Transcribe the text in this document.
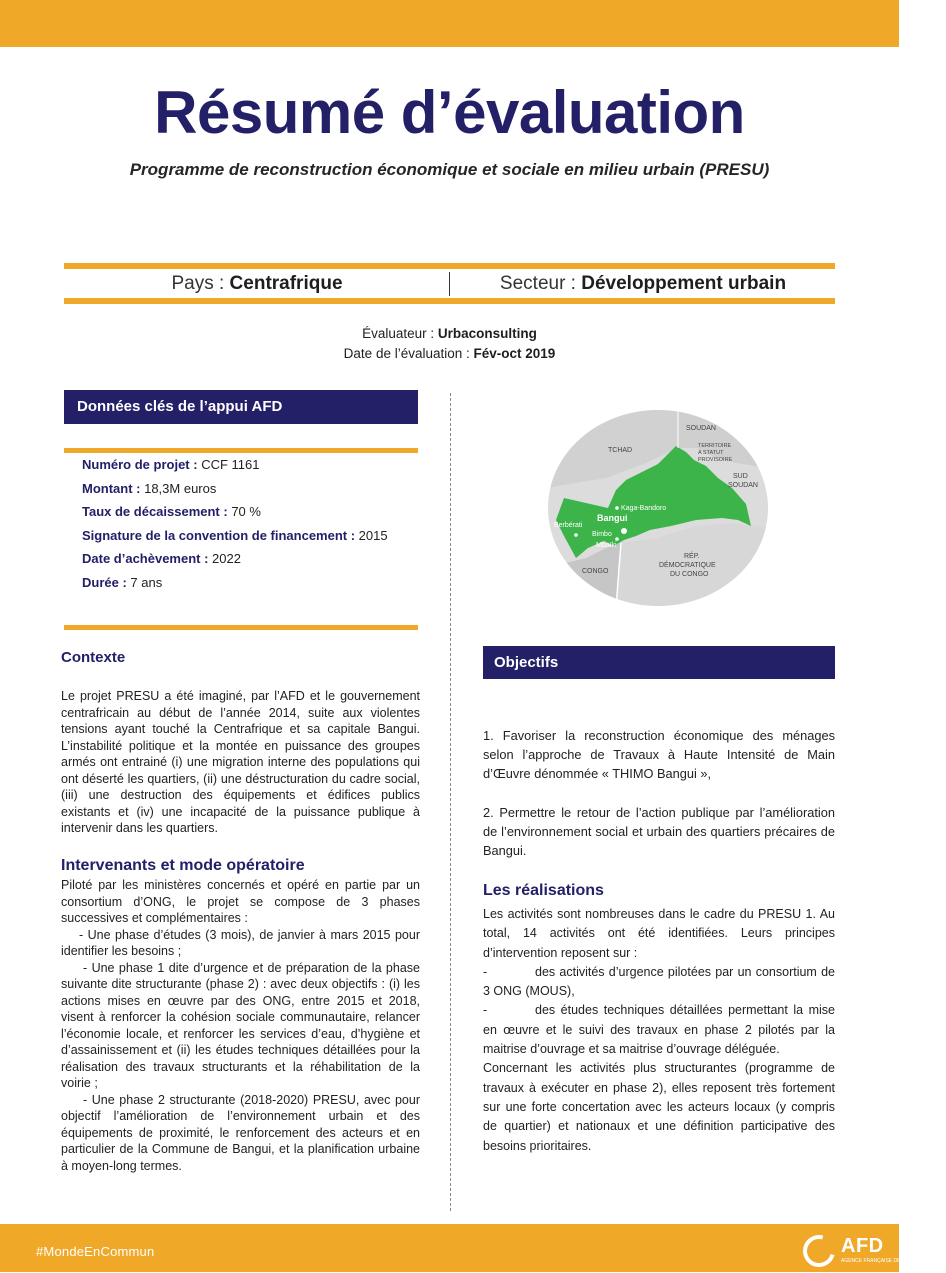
Résumé d’évaluation
Programme de reconstruction économique et sociale en milieu urbain (PRESU)
Pays : Centrafrique	Secteur : Développement urbain
Évaluateur : Urbaconsulting
Date de l’évaluation : Fév-oct 2019
Données clés de l’appui AFD
Numéro de projet : CCF 1161
Montant : 18,3M euros
Taux de décaissement : 70 %
Signature de la convention de financement : 2015
Date d’achèvement : 2022
Durée : 7 ans
SOUDAN
TCHAD
TERRITOIRE
A STATUT
PROVISOIRE
SUD
SOUDAN
Kaga-Bandoro
Bangui
Berbérati
Bimbo
Mbaïki
RÉP.
DÉMOCRATIQUE
DU CONGO
CONGO
Contexte
Le projet PRESU a été imaginé, par l’AFD et le gouvernement centrafricain au début de l’année 2014, suite aux violentes tensions ayant touché la Centrafrique et sa capitale Bangui. L’instabilité politique et la montée en puissance des groupes armés ont entrainé (i) une migration interne des populations qui ont déserté les quartiers, (ii) une déstructuration du cadre social, (iii) une destruction des équipements et édifices publics existants et (iv) une incapacité de la puissance publique à intervenir dans les quartiers.
Intervenants et mode opératoire

Piloté par les ministères concernés et opéré en partie par un consortium d’ONG, le projet se compose de 3 phases successives et complémentaires :

- Une phase d’études (3 mois), de janvier à mars 2015 pour identifier les besoins ;

- Une phase 1 dite d’urgence et de préparation de la phase suivante dite structurante (phase 2) : avec deux objectifs : (i) les actions mises en œuvre par des ONG, entre 2015 et 2018, visent à renforcer la cohésion sociale communautaire, relancer l’économie locale, et renforcer les services d’eau, d’hygiène et d’assainissement et (ii) les études techniques détaillées pour la réalisation des travaux structurants et la réhabilitation de la voirie ;

- Une phase 2 structurante (2018-2020) PRESU, avec pour objectif l’amélioration de l’environnement urbain et des équipements de proximité, le renforcement des acteurs et en particulier de la Commune de Bangui, et la planification urbaine à moyen-long termes.

Objectifs
1. Favoriser la reconstruction économique des ménages selon l’approche de Travaux à Haute Intensité de Main d’Œuvre dénommée « THIMO Bangui »,
2. Permettre le retour de l’action publique par l’amélioration de l’environnement social et urbain des quartiers précaires de Bangui.
Les réalisations

Les activités sont nombreuses dans le cadre du PRESU 1. Au total, 14 activités ont été identifiées. Leurs principes d’intervention reposent sur :

-	des activités d’urgence pilotées par un consortium de 3 ONG (MOUS),

-	des études techniques détaillées permettant la mise en œuvre et le suivi des travaux en phase 2 pilotés par la maitrise d’ouvrage et sa maitrise d’ouvrage déléguée.

Concernant les activités plus structurantes (programme de travaux à exécuter en phase 2), elles reposent très fortement sur une forte concertation avec les acteurs locaux (y compris de quartier) et nationaux et une définition participative des besoins prioritaires.

#MondeEnCommun	AFD
AGENCE FRANÇAISE DE DÉVELOPPEMENT
